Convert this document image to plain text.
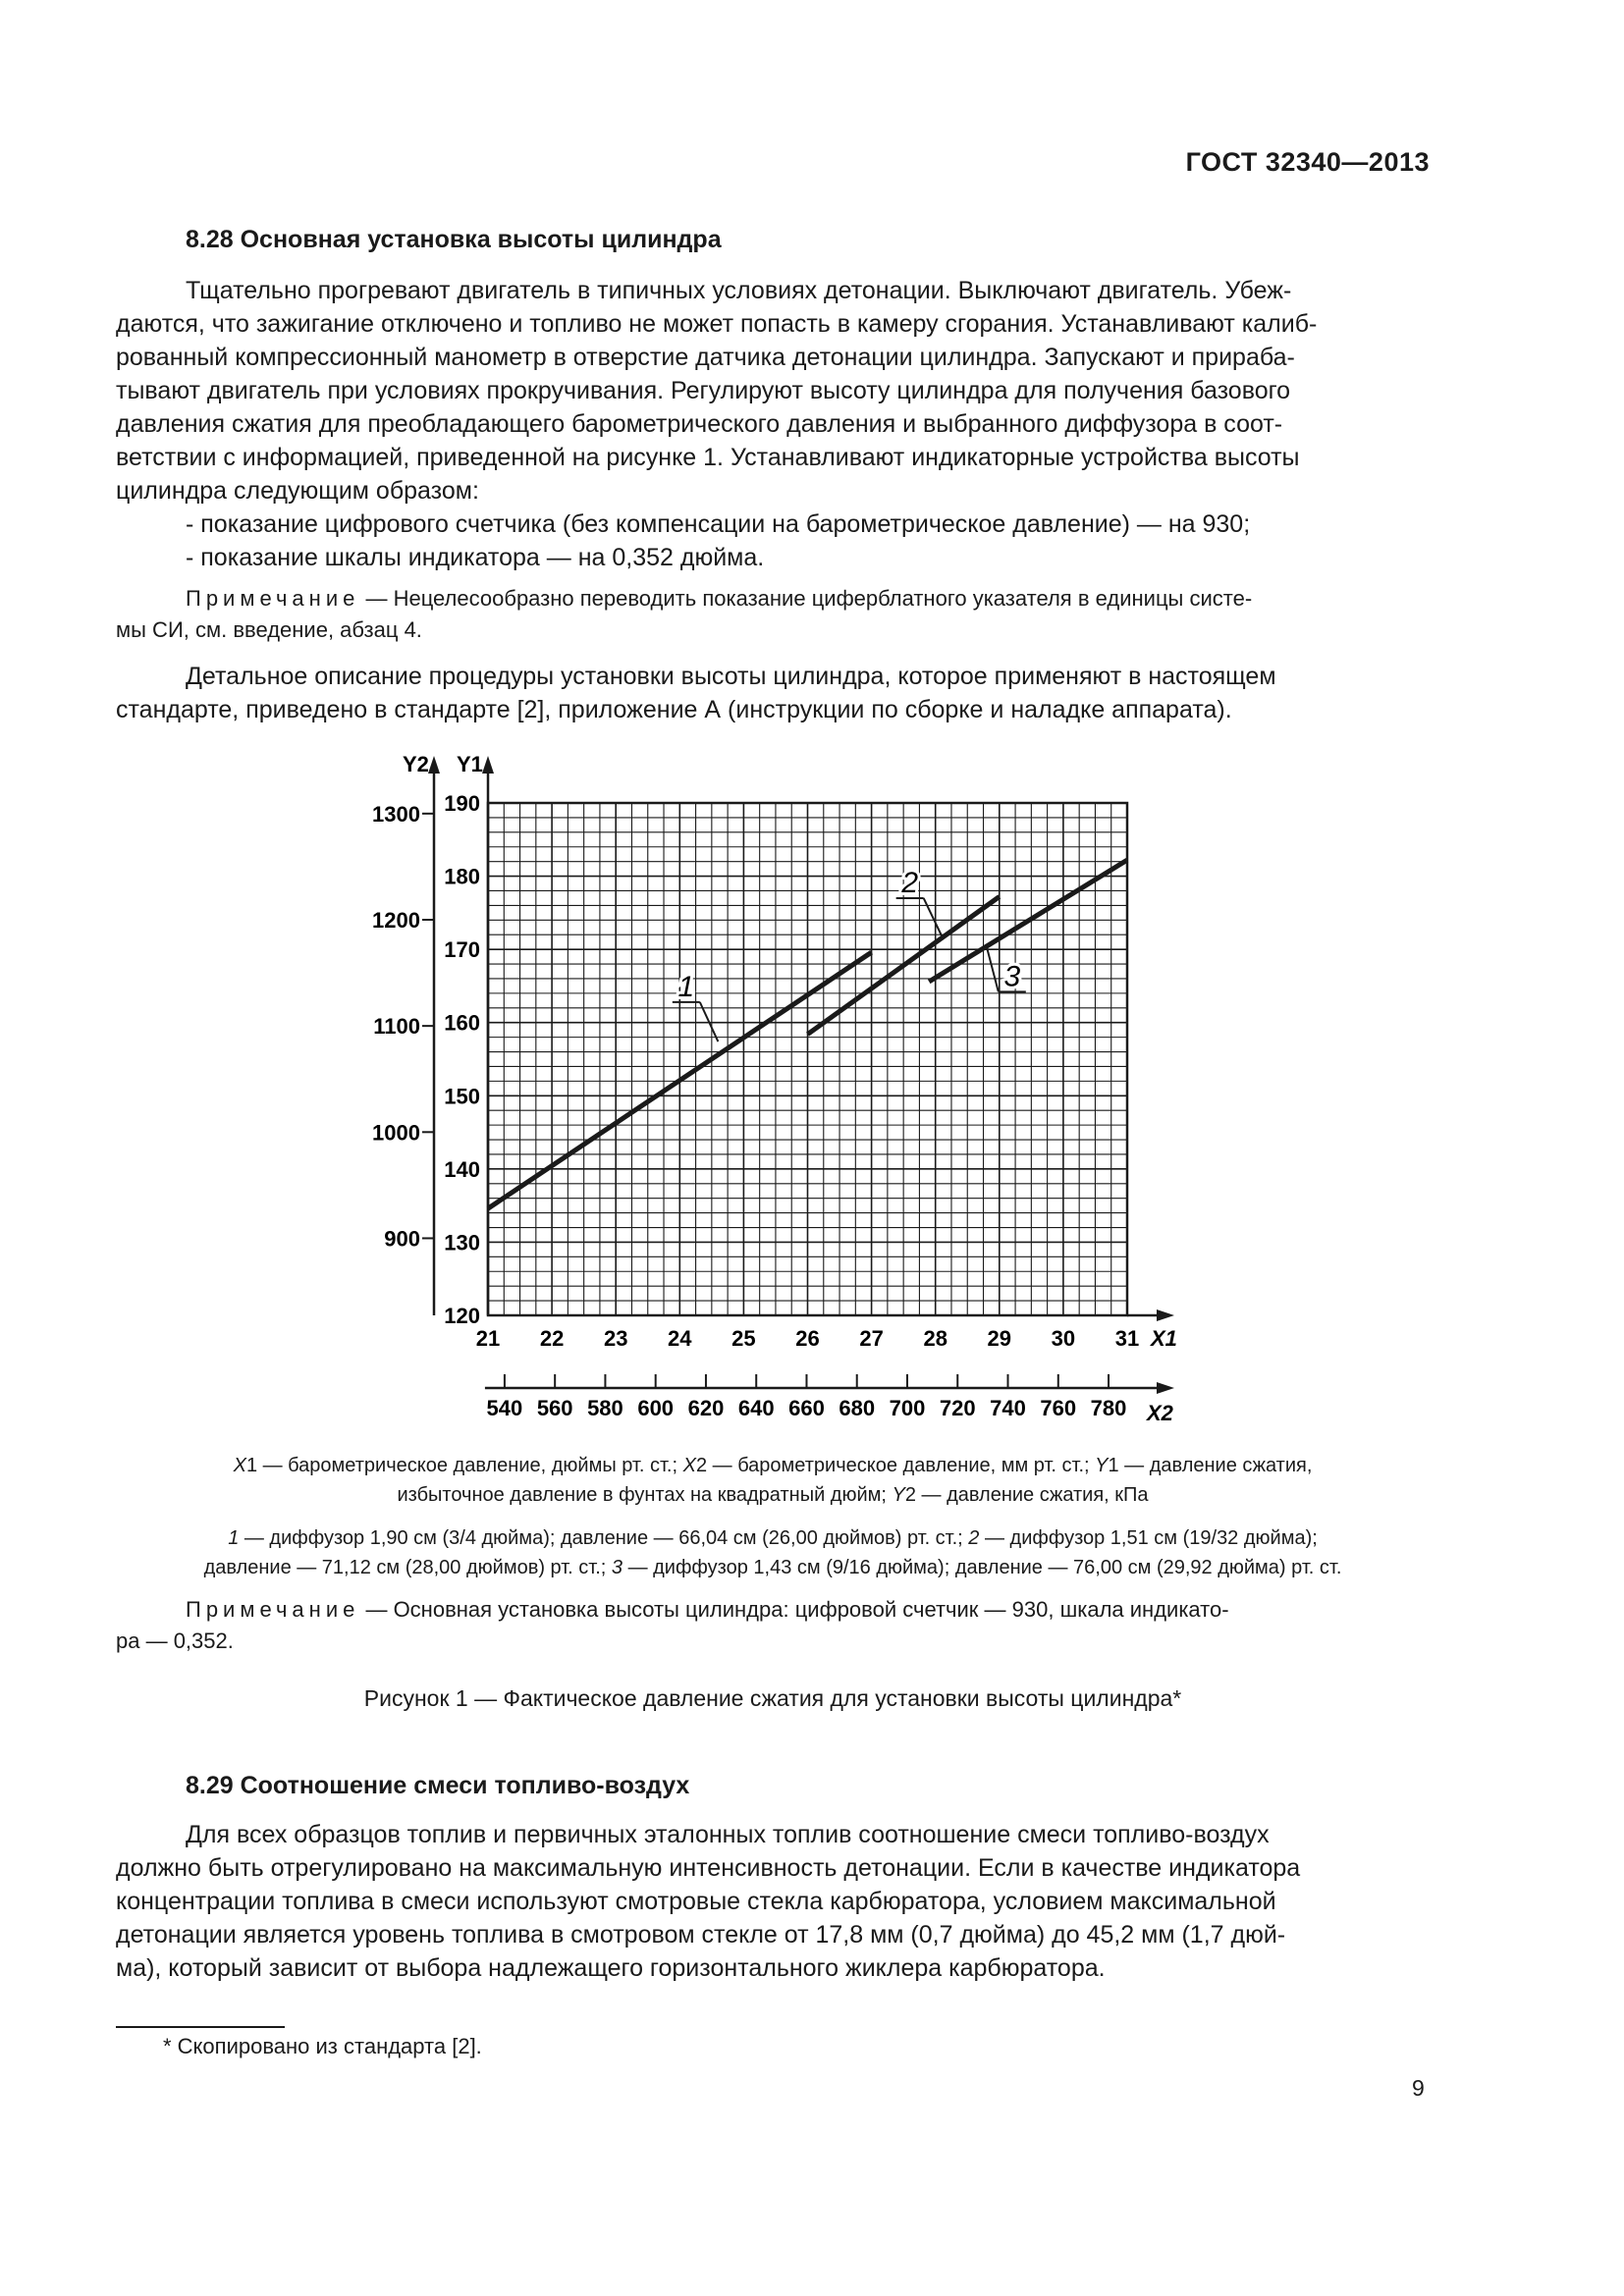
ГОСТ 32340—2013
8.28 Основная установка высоты цилиндра
Тщательно прогревают двигатель в типичных условиях детонации. Выключают двигатель. Убеж-
даются, что зажигание отключено и топливо не может попасть в камеру сгорания. Устанавливают калиб-
рованный компрессионный манометр в отверстие датчика детонации цилиндра. Запускают и прираба-
тывают двигатель при условиях прокручивания. Регулируют высоту цилиндра для получения базового
давления сжатия для преобладающего барометрического давления и выбранного диффузора в соот-
ветствии с информацией, приведенной на рисунке 1. Устанавливают индикаторные устройства высоты
цилиндра следующим образом:
- показание цифрового счетчика (без компенсации на барометрическое давление) — на 930;
- показание шкалы индикатора — на 0,352 дюйма.
Примечание — Нецелесообразно переводить показание циферблатного указателя в единицы систе-
мы СИ, см. введение, абзац 4.
Детальное описание процедуры установки высоты цилиндра, которое применяют в настоящем
стандарте, приведено в стандарте [2], приложение А (инструкции по сборке и наладке аппарата).
Y1
120
130
140
150
160
170
180
190
21 22 23 24 25 26 27 28 29 30 31 X1
Y2
900
1000
1100
1200
1300
540 560 580 600 620 640 660 680 700 720 740 760 780 X2
1
2
3
X1 — барометрическое давление, дюймы рт. ст.; X2 — барометрическое давление, мм рт. ст.; Y1 — давление сжатия,
избыточное давление в фунтах на квадратный дюйм; Y2 — давление сжатия, кПа
1 — диффузор 1,90 см (3/4 дюйма); давление — 66,04 см (26,00 дюймов) рт. ст.; 2 — диффузор 1,51 см (19/32 дюйма);
давление — 71,12 см (28,00 дюймов) рт. ст.; 3 — диффузор 1,43 см (9/16 дюйма); давление — 76,00 см (29,92 дюйма) рт. ст.
Примечание — Основная установка высоты цилиндра: цифровой счетчик — 930, шкала индикато-
ра — 0,352.
Рисунок 1 — Фактическое давление сжатия для установки высоты цилиндра*
8.29 Соотношение смеси топливо-воздух
Для всех образцов топлив и первичных эталонных топлив соотношение смеси топливо-воздух
должно быть отрегулировано на максимальную интенсивность детонации. Если в качестве индикатора
концентрации топлива в смеси используют смотровые стекла карбюратора, условием максимальной
детонации является уровень топлива в смотровом стекле от 17,8 мм (0,7 дюйма) до 45,2 мм (1,7 дюй-
ма), который зависит от выбора надлежащего горизонтального жиклера карбюратора.
* Скопировано из стандарта [2].
9
